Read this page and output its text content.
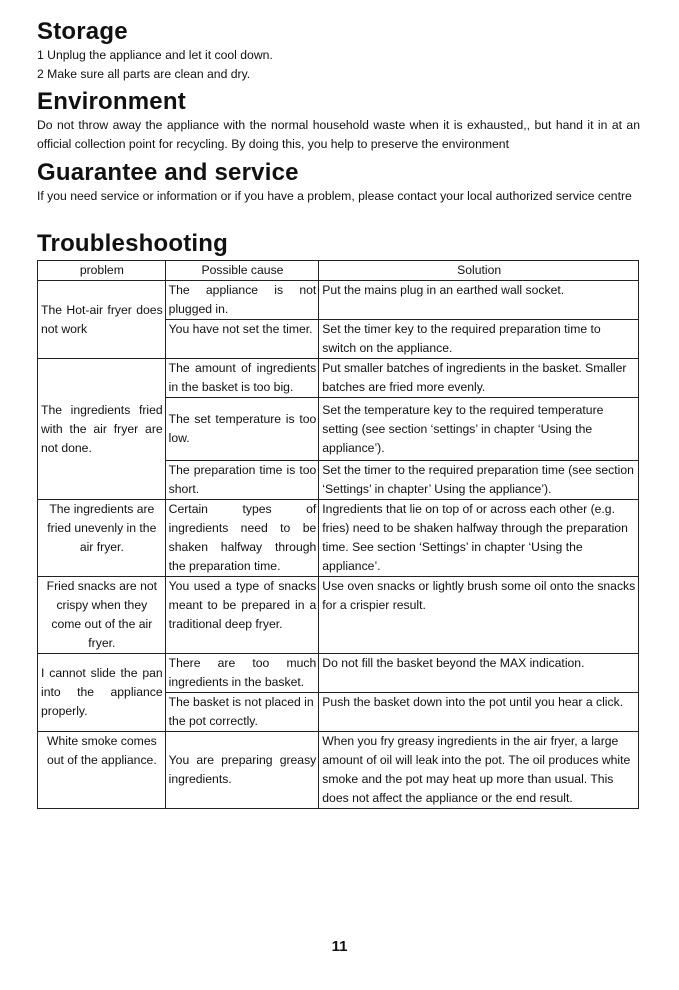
Storage

1 Unplug the appliance and let it cool down.

2 Make sure all parts are clean and dry.

Environment

Do not throw away the appliance with the normal household waste when it is exhausted,, but hand it in at an official collection point for recycling. By doing this, you help to preserve the environment

Guarantee and service

If you need service or information or if you have a problem, please contact your local authorized service centre

Troubleshooting
problem	Possible cause	Solution
The Hot-air fryer does not work	The appliance is not plugged in.	Put the mains plug in an earthed wall socket.
	You have not set the timer.	Set the timer key to the required preparation time to switch on the appliance.
The ingredients fried with the air fryer are not done.	The amount of ingredients in the basket is too big.	Put smaller batches of ingredients in the basket. Smaller batches are fried more evenly.
	The set temperature is too low.	Set the temperature key to the required temperature setting (see section ‘settings’ in chapter ‘Using the appliance’).
	The preparation time is too short.	Set the timer to the required preparation time (see section ‘Settings’ in chapter’ Using the appliance’).
The ingredients are fried unevenly in the air fryer.	Certain types of ingredients need to be shaken halfway through the preparation time.	Ingredients that lie on top of or across each other (e.g. fries) need to be shaken halfway through the preparation time. See section ‘Settings’ in chapter ‘Using the appliance’.
Fried snacks are not crispy when they come out of the air fryer.	You used a type of snacks meant to be prepared in a traditional deep fryer.	Use oven snacks or lightly brush some oil onto the snacks for a crispier result.
I cannot slide the pan into the appliance properly.	There are too much ingredients in the basket.	Do not fill the basket beyond the MAX indication.
	The basket is not placed in the pot correctly.	Push the basket down into the pot until you hear a click.
White smoke comes out of the appliance.	You are preparing greasy ingredients.	When you fry greasy ingredients in the air fryer, a large amount of oil will leak into the pot. The oil produces white smoke and the pot may heat up more than usual. This does not affect the appliance or the end result.
11
